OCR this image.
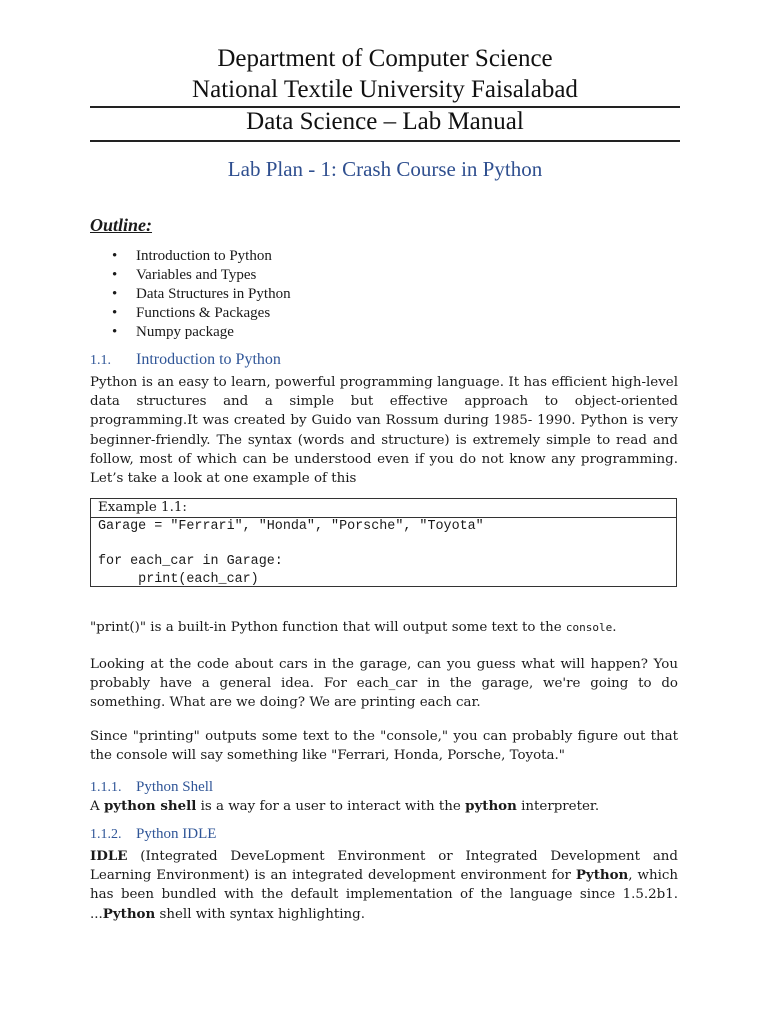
Department of Computer Science
National Textile University Faisalabad
Data Science – Lab Manual
Lab Plan - 1: Crash Course in Python
Outline:
• Introduction to Python
• Variables and Types
• Data Structures in Python
• Functions & Packages
• Numpy package
1.1. Introduction to Python

Python is an easy to learn, powerful programming language. It has efficient high-level data structures and a simple but effective approach to object-oriented programming.It was created by Guido van Rossum during 1985- 1990. Python is very beginner-friendly. The syntax (words and structure) is extremely simple to read and follow, most of which can be understood even if you do not know any programming. Let’s take a look at one example of this

Example 1.1:
Garage = "Ferrari", "Honda", "Porsche", "Toyota"

for each_car in Garage:
print(each_car)

"print()" is a built-in Python function that will output some text to the console.

Looking at the code about cars in the garage, can you guess what will happen? You probably have a general idea. For each_car in the garage, we're going to do something. What are we doing? We are printing each car.

Since "printing" outputs some text to the "console," you can probably figure out that the console will say something like "Ferrari, Honda, Porsche, Toyota."

1.1.1. Python Shell

A python shell is a way for a user to interact with the python interpreter.

1.1.2. Python IDLE

IDLE (Integrated DeveLopment Environment or Integrated Development and Learning Environment) is an integrated development environment for Python, which has been bundled with the default implementation of the language since 1.5.2b1. ...Python shell with syntax highlighting.
